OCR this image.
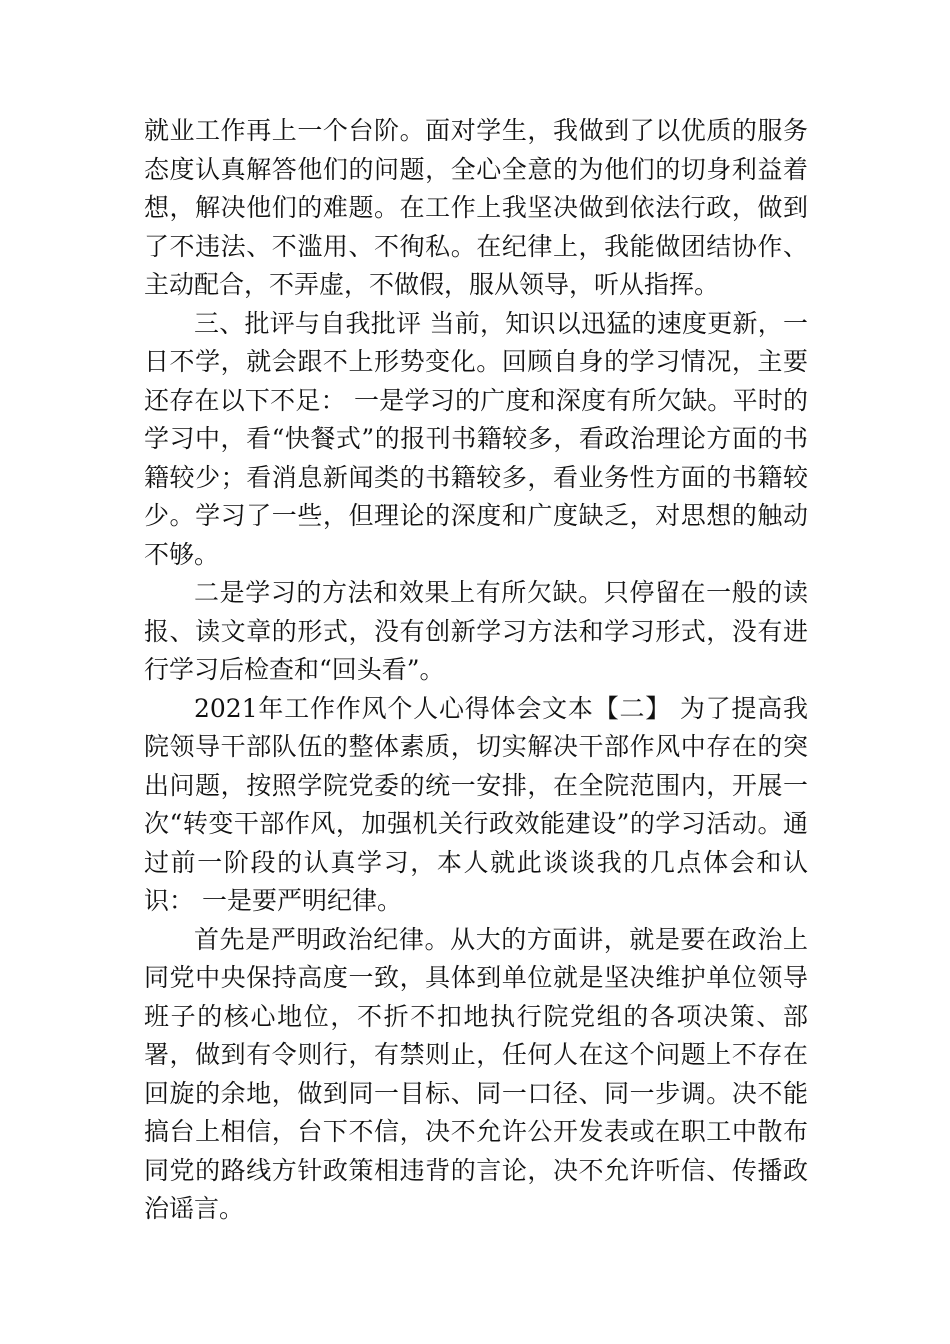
就业工作再上一个台阶。面对学生，我做到了以优质的服务态度认真解答他们的问题，全心全意的为他们的切身利益着想，解决他们的难题。在工作上我坚决做到依法行政，做到了不违法、不滥用、不徇私。在纪律上，我能做团结协作、主动配合，不弄虚，不做假，服从领导，听从指挥。

三、批评与自我批评 当前，知识以迅猛的速度更新，一日不学，就会跟不上形势变化。回顾自身的学习情况，主要还存在以下不足： 一是学习的广度和深度有所欠缺。平时的学习中，看“快餐式”的报刊书籍较多，看政治理论方面的书籍较少；看消息新闻类的书籍较多，看业务性方面的书籍较少。学习了一些，但理论的深度和广度缺乏，对思想的触动不够。

二是学习的方法和效果上有所欠缺。只停留在一般的读报、读文章的形式，没有创新学习方法和学习形式，没有进行学习后检查和“回头看”。

2021年工作作风个人心得体会文本【二】 为了提高我院领导干部队伍的整体素质，切实解决干部作风中存在的突出问题，按照学院党委的统一安排，在全院范围内，开展一次“转变干部作风，加强机关行政效能建设”的学习活动。通过前一阶段的认真学习，本人就此谈谈我的几点体会和认识： 一是要严明纪律。

首先是严明政治纪律。从大的方面讲，就是要在政治上同党中央保持高度一致，具体到单位就是坚决维护单位领导班子的核心地位，不折不扣地执行院党组的各项决策、部署，做到有令则行，有禁则止，任何人在这个问题上不存在回旋的余地，做到同一目标、同一口径、同一步调。决不能搞台上相信，台下不信，决不允许公开发表或在职工中散布同党的路线方针政策相违背的言论，决不允许听信、传播政治谣言。
